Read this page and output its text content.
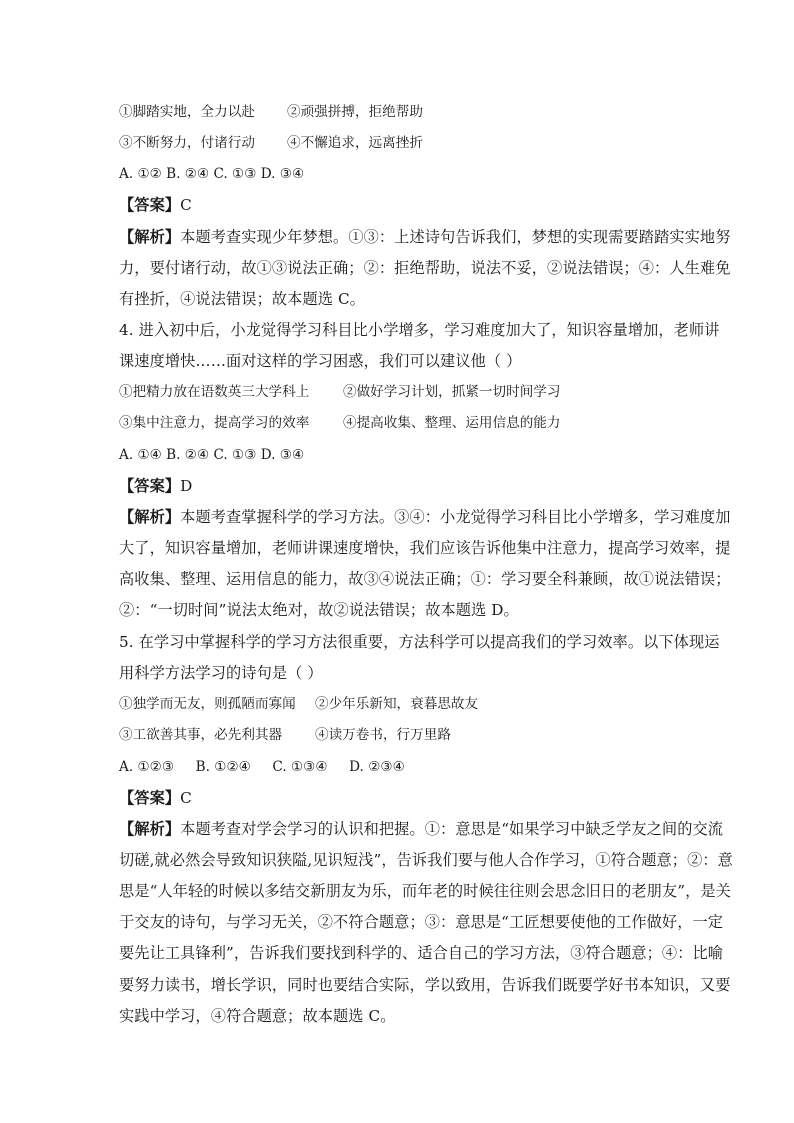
①脚踏实地，全力以赴 ②顽强拼搏，拒绝帮助
③不断努力，付诸行动 ④不懈追求，远离挫折
A. ①② B. ②④ C. ①③ D. ③④
【答案】C
【解析】本题考查实现少年梦想。①③：上述诗句告诉我们，梦想的实现需要踏踏实实地努
力，要付诸行动，故①③说法正确；②：拒绝帮助，说法不妥，②说法错误；④：人生难免
有挫折，④说法错误；故本题选 C。
4. 进入初中后，小龙觉得学习科目比小学增多，学习难度加大了，知识容量增加，老师讲
课速度增快……面对这样的学习困惑，我们可以建议他（ ）
①把精力放在语数英三大学科上 ②做好学习计划，抓紧一切时间学习
③集中注意力，提高学习的效率 ④提高收集、整理、运用信息的能力
A. ①④ B. ②④ C. ①③ D. ③④
【答案】D
【解析】本题考查掌握科学的学习方法。③④：小龙觉得学习科目比小学增多，学习难度加
大了，知识容量增加，老师讲课速度增快，我们应该告诉他集中注意力，提高学习效率，提
高收集、整理、运用信息的能力，故③④说法正确；①：学习要全科兼顾，故①说法错误；
②：“一切时间”说法太绝对，故②说法错误；故本题选 D。
5. 在学习中掌握科学的学习方法很重要，方法科学可以提高我们的学习效率。以下体现运
用科学方法学习的诗句是（ ）
①独学而无友，则孤陋而寡闻 ②少年乐新知，衰暮思故友
③工欲善其事，必先利其器 ④读万卷书，行万里路
A. ①②③     B. ①②④     C. ①③④     D. ②③④
【答案】C
【解析】本题考查对学会学习的认识和把握。①：意思是“如果学习中缺乏学友之间的交流
切磋,就必然会导致知识狭隘,见识短浅”，告诉我们要与他人合作学习，①符合题意；②：意
思是“人年轻的时候以多结交新朋友为乐，而年老的时候往往则会思念旧日的老朋友”，是关
于交友的诗句，与学习无关，②不符合题意；③：意思是“工匠想要使他的工作做好，一定
要先让工具锋利”，告诉我们要找到科学的、适合自己的学习方法，③符合题意；④：比喻
要努力读书，增长学识，同时也要结合实际，学以致用，告诉我们既要学好书本知识，又要
实践中学习，④符合题意；故本题选 C。
